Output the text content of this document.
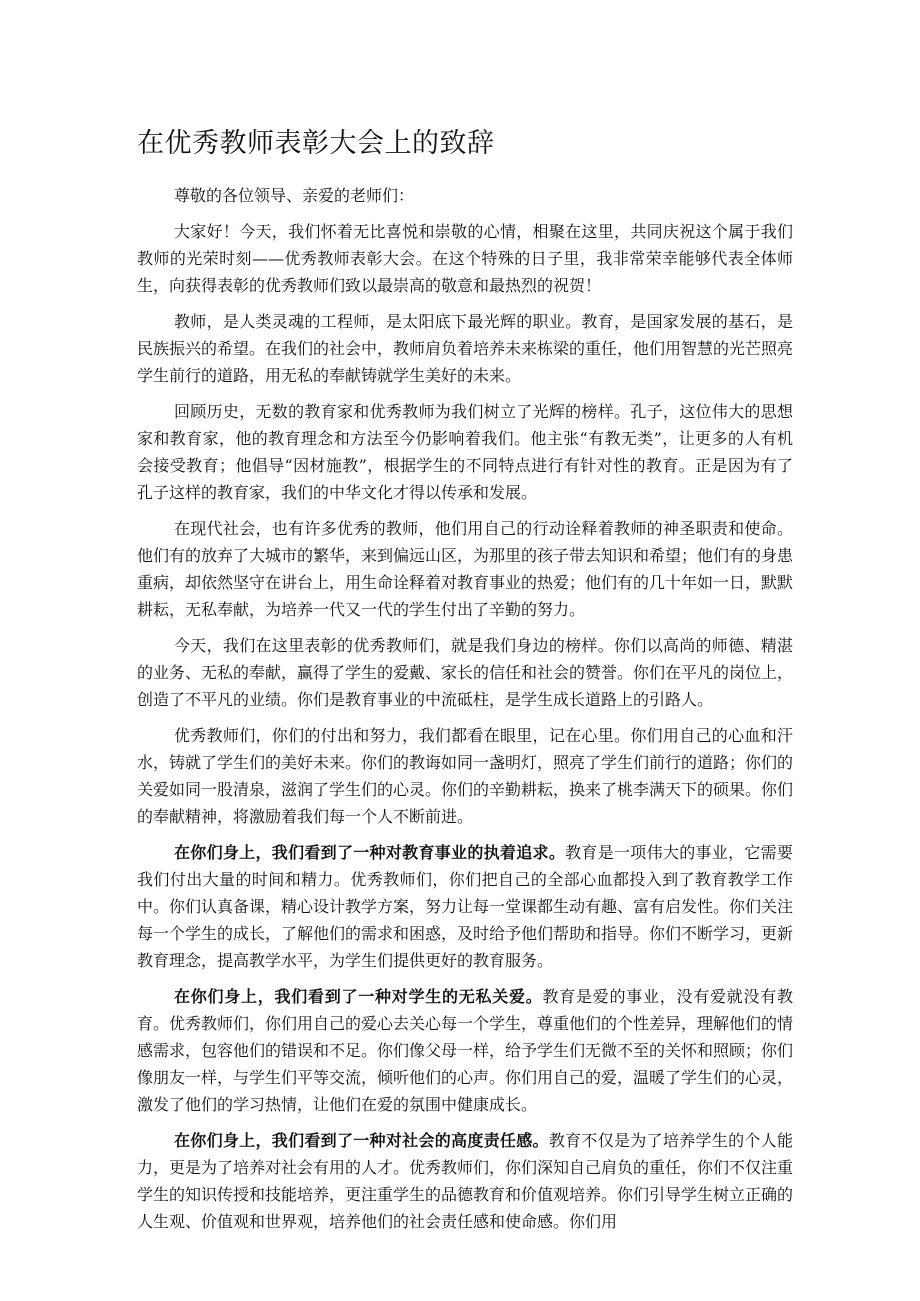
在优秀教师表彰大会上的致辞

尊敬的各位领导、亲爱的老师们：

大家好！今天，我们怀着无比喜悦和崇敬的心情，相聚在这里，共同庆祝这个属于我们教师的光荣时刻——优秀教师表彰大会。在这个特殊的日子里，我非常荣幸能够代表全体师生，向获得表彰的优秀教师们致以最崇高的敬意和最热烈的祝贺！

教师，是人类灵魂的工程师，是太阳底下最光辉的职业。教育，是国家发展的基石，是民族振兴的希望。在我们的社会中，教师肩负着培养未来栋梁的重任，他们用智慧的光芒照亮学生前行的道路，用无私的奉献铸就学生美好的未来。

回顾历史，无数的教育家和优秀教师为我们树立了光辉的榜样。孔子，这位伟大的思想家和教育家，他的教育理念和方法至今仍影响着我们。他主张“有教无类”，让更多的人有机会接受教育；他倡导“因材施教”，根据学生的不同特点进行有针对性的教育。正是因为有了孔子这样的教育家，我们的中华文化才得以传承和发展。

在现代社会，也有许多优秀的教师，他们用自己的行动诠释着教师的神圣职责和使命。他们有的放弃了大城市的繁华，来到偏远山区，为那里的孩子带去知识和希望；他们有的身患重病，却依然坚守在讲台上，用生命诠释着对教育事业的热爱；他们有的几十年如一日，默默耕耘，无私奉献，为培养一代又一代的学生付出了辛勤的努力。

今天，我们在这里表彰的优秀教师们，就是我们身边的榜样。你们以高尚的师德、精湛的业务、无私的奉献，赢得了学生的爱戴、家长的信任和社会的赞誉。你们在平凡的岗位上，创造了不平凡的业绩。你们是教育事业的中流砥柱，是学生成长道路上的引路人。

优秀教师们，你们的付出和努力，我们都看在眼里，记在心里。你们用自己的心血和汗水，铸就了学生们的美好未来。你们的教诲如同一盏明灯，照亮了学生们前行的道路；你们的关爱如同一股清泉，滋润了学生们的心灵。你们的辛勤耕耘，换来了桃李满天下的硕果。你们的奉献精神，将激励着我们每一个人不断前进。

在你们身上，我们看到了一种对教育事业的执着追求。教育是一项伟大的事业，它需要我们付出大量的时间和精力。优秀教师们，你们把自己的全部心血都投入到了教育教学工作中。你们认真备课，精心设计教学方案，努力让每一堂课都生动有趣、富有启发性。你们关注每一个学生的成长，了解他们的需求和困惑，及时给予他们帮助和指导。你们不断学习，更新教育理念，提高教学水平，为学生们提供更好的教育服务。

在你们身上，我们看到了一种对学生的无私关爱。教育是爱的事业，没有爱就没有教育。优秀教师们，你们用自己的爱心去关心每一个学生，尊重他们的个性差异，理解他们的情感需求，包容他们的错误和不足。你们像父母一样，给予学生们无微不至的关怀和照顾；你们像朋友一样，与学生们平等交流，倾听他们的心声。你们用自己的爱，温暖了学生们的心灵，激发了他们的学习热情，让他们在爱的氛围中健康成长。

在你们身上，我们看到了一种对社会的高度责任感。教育不仅是为了培养学生的个人能力，更是为了培养对社会有用的人才。优秀教师们，你们深知自己肩负的重任，你们不仅注重学生的知识传授和技能培养，更注重学生的品德教育和价值观培养。你们引导学生树立正确的人生观、价值观和世界观，培养他们的社会责任感和使命感。你们用
